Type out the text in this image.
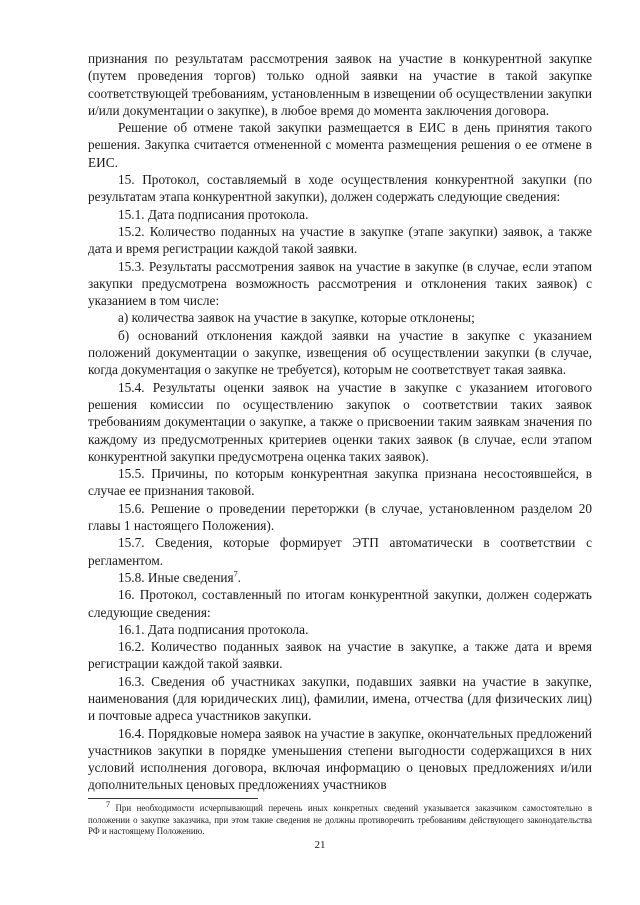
признания по результатам рассмотрения заявок на участие в конкурентной закупке (путем проведения торгов) только одной заявки на участие в такой закупке соответствующей требованиям, установленным в извещении об осуществлении закупки и/или документации о закупке), в любое время до момента заключения договора.

Решение об отмене такой закупки размещается в ЕИС в день принятия такого решения. Закупка считается отмененной с момента размещения решения о ее отмене в ЕИС.

15. Протокол, составляемый в ходе осуществления конкурентной закупки (по результатам этапа конкурентной закупки), должен содержать следующие сведения:

15.1. Дата подписания протокола.

15.2. Количество поданных на участие в закупке (этапе закупки) заявок, а также дата и время регистрации каждой такой заявки.

15.3. Результаты рассмотрения заявок на участие в закупке (в случае, если этапом закупки предусмотрена возможность рассмотрения и отклонения таких заявок) с указанием в том числе:

а) количества заявок на участие в закупке, которые отклонены;

б) оснований отклонения каждой заявки на участие в закупке с указанием положений документации о закупке, извещения об осуществлении закупки (в случае, когда документация о закупке не требуется), которым не соответствует такая заявка.

15.4. Результаты оценки заявок на участие в закупке с указанием итогового решения комиссии по осуществлению закупок о соответствии таких заявок требованиям документации о закупке, а также о присвоении таким заявкам значения по каждому из предусмотренных критериев оценки таких заявок (в случае, если этапом конкурентной закупки предусмотрена оценка таких заявок).

15.5. Причины, по которым конкурентная закупка признана несостоявшейся, в случае ее признания таковой.

15.6. Решение о проведении переторжки (в случае, установленном разделом 20 главы 1 настоящего Положения).

15.7. Сведения, которые формирует ЭТП автоматически в соответствии с регламентом.

15.8. Иные сведения$^7$.

16. Протокол, составленный по итогам конкурентной закупки, должен содержать следующие сведения:

16.1. Дата подписания протокола.

16.2. Количество поданных заявок на участие в закупке, а также дата и время регистрации каждой такой заявки.

16.3. Сведения об участниках закупки, подавших заявки на участие в закупке, наименования (для юридических лиц), фамилии, имена, отчества (для физических лиц) и почтовые адреса участников закупки.

16.4. Порядковые номера заявок на участие в закупке, окончательных предложений участников закупки в порядке уменьшения степени выгодности содержащихся в них условий исполнения договора, включая информацию о ценовых предложениях и/или дополнительных ценовых предложениях участников

$^7$ При необходимости исчерпывающий перечень иных конкретных сведений указывается заказчиком самостоятельно в положении о закупке заказчика, при этом такие сведения не должны противоречить требованиям действующего законодательства РФ и настоящему Положению.

21
